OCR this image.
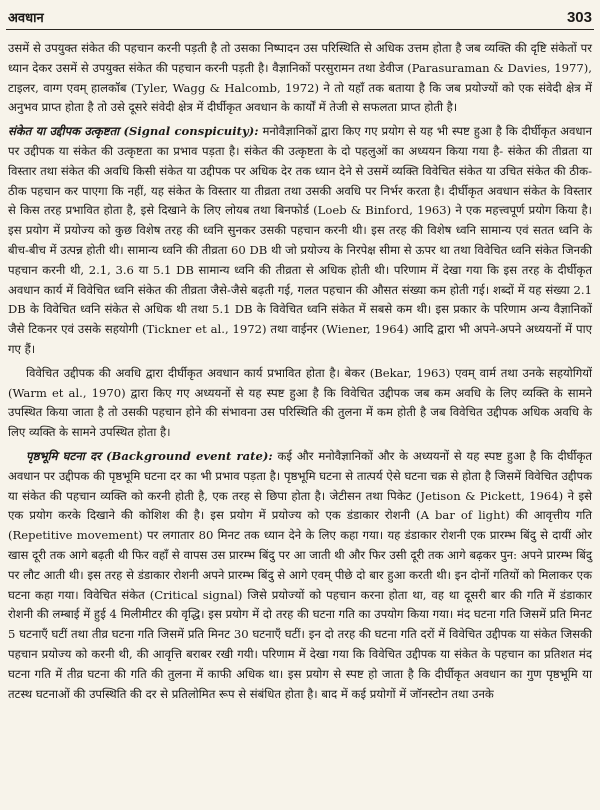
अवधान	303

उसमें से उपयुक्त संकेत की पहचान करनी पड़ती है तो उसका निष्पादन उस परिस्थिति से अधिक उत्तम होता है जब व्यक्ति की दृष्टि संकेतों पर ध्यान देकर उसमें से उपयुक्त संकेत की पहचान करनी पड़ती है। वैज्ञानिकों परसुरामन तथा डेवीज (Parasuraman & Davies, 1977), टाइलर, वाग्ग एवम् हालकॉब (Tyler, Wagg & Halcomb, 1972) ने तो यहाँ तक बताया है कि जब प्रयोज्यों को एक संवेदी क्षेत्र में अनुभव प्राप्त होता है तो उसे दूसरे संवेदी क्षेत्र में दीर्घीकृत अवधान के कार्यों में तेजी से सफलता प्राप्त होती है।

संकेत या उद्दीपक उत्कृष्टता (Signal conspicuity): मनोवैज्ञानिकों द्वारा किए गए प्रयोग से यह भी स्पष्ट हुआ है कि दीर्घीकृत अवधान पर उद्दीपक या संकेत की उत्कृष्टता का प्रभाव पड़ता है। संकेत की उत्कृष्टता के दो पहलुओं का अध्ययन किया गया है- संकेत की तीव्रता या विस्तार तथा संकेत की अवधि किसी संकेत या उद्दीपक पर अधिक देर तक ध्यान देने से उसमें व्यक्ति विवेचित संकेत या उचित संकेत की ठीक-ठीक पहचान कर पाएगा कि नहीं, यह संकेत के विस्तार या तीव्रता तथा उसकी अवधि पर निर्भर करता है। दीर्घीकृत अवधान संकेत के विस्तार से किस तरह प्रभावित होता है, इसे दिखाने के लिए लोयब तथा बिनफोर्ड (Loeb & Binford, 1963) ने एक महत्त्वपूर्ण प्रयोग किया है। इस प्रयोग में प्रयोज्य को कुछ विशेष तरह की ध्वनि सुनकर उसकी पहचान करनी थी। इस तरह की विशेष ध्वनि सामान्य एवं सतत ध्वनि के बीच-बीच में उत्पन्न होती थी। सामान्य ध्वनि की तीव्रता 60 DB थी जो प्रयोज्य के निरपेक्ष सीमा से ऊपर था तथा विवेचित ध्वनि संकेत जिनकी पहचान करनी थी, 2.1, 3.6 या 5.1 DB सामान्य ध्वनि की तीव्रता से अधिक होती थी। परिणाम में देखा गया कि इस तरह के दीर्घीकृत अवधान कार्य में विवेचित ध्वनि संकेत की तीव्रता जैसे-जैसे बढ़ती गई, गलत पहचान की औसत संख्या कम होती गई। शब्दों में यह संख्या 2.1 DB के विवेचित ध्वनि संकेत से अधिक थी तथा 5.1 DB के विवेचित ध्वनि संकेत में सबसे कम थी। इस प्रकार के परिणाम अन्य वैज्ञानिकों जैसे टिकनर एवं उसके सहयोगी (Tickner et al., 1972) तथा वाईनर (Wiener, 1964) आदि द्वारा भी अपने-अपने अध्ययनों में पाए गए हैं।

विवेचित उद्दीपक की अवधि द्वारा दीर्घीकृत अवधान कार्य प्रभावित होता है। बेकर (Bekar, 1963) एवम् वार्म तथा उनके सहयोगियों (Warm et al., 1970) द्वारा किए गए अध्ययनों से यह स्पष्ट हुआ है कि विवेचित उद्दीपक जब कम अवधि के लिए व्यक्ति के सामने उपस्थित किया जाता है तो उसकी पहचान होने की संभावना उस परिस्थिति की तुलना में कम होती है जब विवेचित उद्दीपक अधिक अवधि के लिए व्यक्ति के सामने उपस्थित होता है।

पृष्ठभूमि घटना दर (Background event rate): कई और मनोवैज्ञानिकों और के अध्ययनों से यह स्पष्ट हुआ है कि दीर्घीकृत अवधान पर उद्दीपक की पृष्ठभूमि घटना दर का भी प्रभाव पड़ता है। पृष्ठभूमि घटना से तात्पर्य ऐसे घटना चक्र से होता है जिसमें विवेचित उद्दीपक या संकेत की पहचान व्यक्ति को करनी होती है, एक तरह से छिपा होता है। जेटीसन तथा पिकेट (Jetison & Pickett, 1964) ने इसे एक प्रयोग करके दिखाने की कोशिश की है। इस प्रयोग में प्रयोज्य को एक डंडाकार रोशनी (A bar of light) की आवृत्तीय गति (Repetitive movement) पर लगातार 80 मिनट तक ध्यान देने के लिए कहा गया। यह डंडाकार रोशनी एक प्रारम्भ बिंदु से दायीं ओर खास दूरी तक आगे बढ़ती थी फिर वहाँ से वापस उस प्रारम्भ बिंदु पर आ जाती थी और फिर उसी दूरी तक आगे बढ़कर पुन: अपने प्रारम्भ बिंदु पर लौट आती थी। इस तरह से डंडाकार रोशनी अपने प्रारम्भ बिंदु से आगे एवम् पीछे दो बार हुआ करती थी। इन दोनों गतियों को मिलाकर एक घटना कहा गया। विवेचित संकेत (Critical signal) जिसे प्रयोज्यों को पहचान करना होता था, वह था दूसरी बार की गति में डंडाकार रोशनी की लम्बाई में हुई 4 मिलीमीटर की वृद्धि। इस प्रयोग में दो तरह की घटना गति का उपयोग किया गया। मंद घटना गति जिसमें प्रति मिनट 5 घटनाएँ घटीं तथा तीव्र घटना गति जिसमें प्रति मिनट 30 घटनाएँ घटीं। इन दो तरह की घटना गति दरों में विवेचित उद्दीपक या संकेत जिसकी पहचान प्रयोज्य को करनी थी, की आवृत्ति बराबर रखी गयी। परिणाम में देखा गया कि विवेचित उद्दीपक या संकेत के पहचान का प्रतिशत मंद घटना गति में तीव्र घटना की गति की तुलना में काफी अधिक था। इस प्रयोग से स्पष्ट हो जाता है कि दीर्घीकृत अवधान का गुण पृष्ठभूमि या तटस्थ घटनाओं की उपस्थिति की दर से प्रतिलोमित रूप से संबंधित होता है। बाद में कई प्रयोगों में जॉनस्टोन तथा उनके
